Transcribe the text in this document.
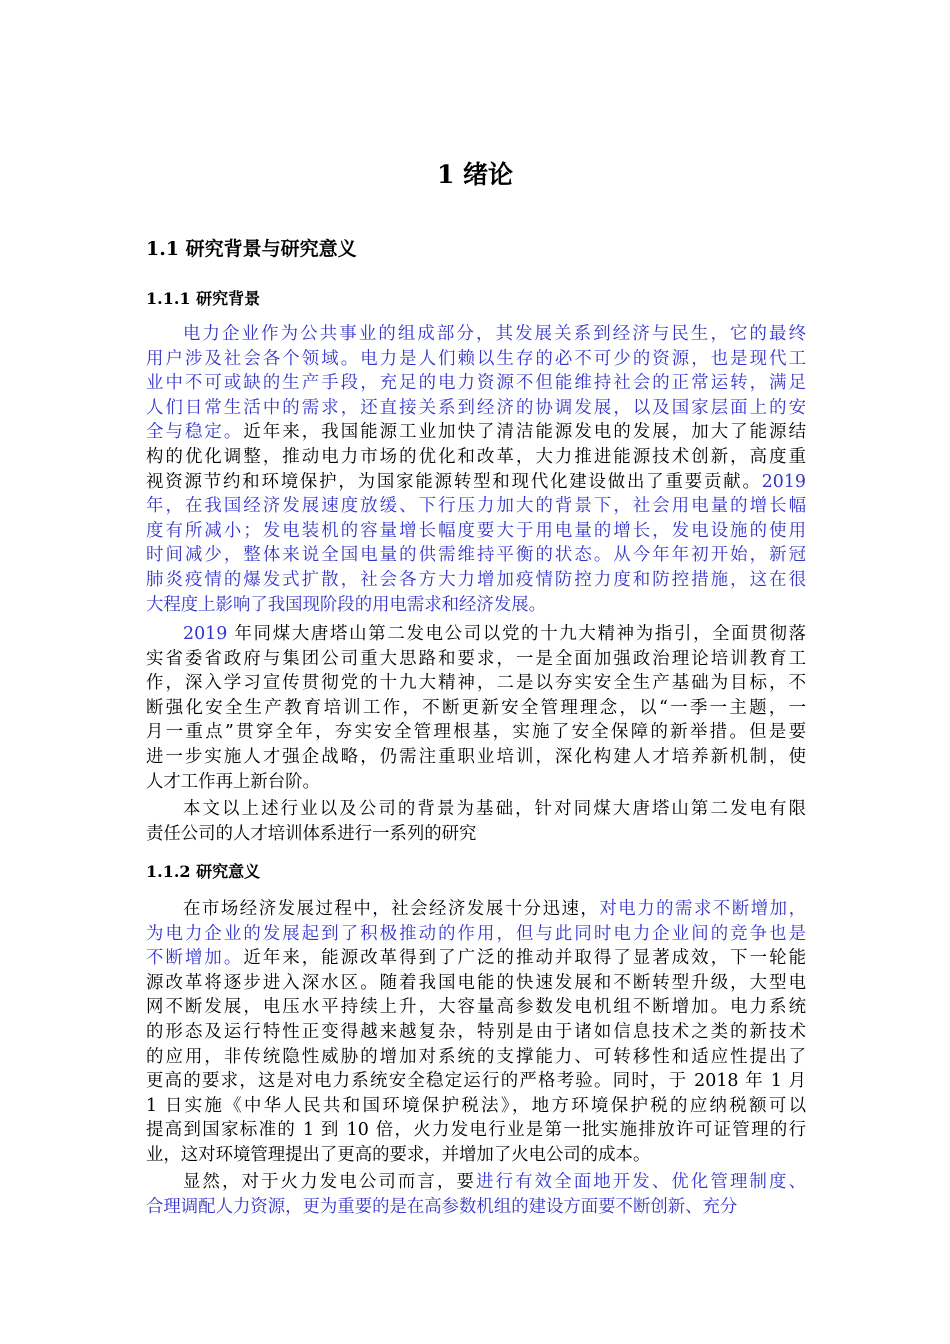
1 绪论
1.1 研究背景与研究意义
1.1.1 研究背景
电力企业作为公共事业的组成部分，其发展关系到经济与民生，它的最终
用户涉及社会各个领域。电力是人们赖以生存的必不可少的资源，也是现代工
业中不可或缺的生产手段，充足的电力资源不但能维持社会的正常运转，满足
人们日常生活中的需求，还直接关系到经济的协调发展，以及国家层面上的安
全与稳定。近年来，我国能源工业加快了清洁能源发电的发展，加大了能源结
构的优化调整，推动电力市场的优化和改革，大力推进能源技术创新，高度重
视资源节约和环境保护，为国家能源转型和现代化建设做出了重要贡献。2019
年，在我国经济发展速度放缓、下行压力加大的背景下，社会用电量的增长幅
度有所减小；发电装机的容量增长幅度要大于用电量的增长，发电设施的使用
时间减少，整体来说全国电量的供需维持平衡的状态。从今年年初开始，新冠
肺炎疫情的爆发式扩散，社会各方大力增加疫情防控力度和防控措施，这在很
大程度上影响了我国现阶段的用电需求和经济发展。
2019 年同煤大唐塔山第二发电公司以党的十九大精神为指引，全面贯彻落
实省委省政府与集团公司重大思路和要求，一是全面加强政治理论培训教育工
作，深入学习宣传贯彻党的十九大精神，二是以夯实安全生产基础为目标，不
断强化安全生产教育培训工作，不断更新安全管理理念，以“一季一主题，一
月一重点”贯穿全年，夯实安全管理根基，实施了安全保障的新举措。但是要
进一步实施人才强企战略，仍需注重职业培训，深化构建人才培养新机制，使
人才工作再上新台阶。
本文以上述行业以及公司的背景为基础，针对同煤大唐塔山第二发电有限
责任公司的人才培训体系进行一系列的研究
1.1.2 研究意义
在市场经济发展过程中，社会经济发展十分迅速，对电力的需求不断增加，
为电力企业的发展起到了积极推动的作用，但与此同时电力企业间的竞争也是
不断增加。近年来，能源改革得到了广泛的推动并取得了显著成效，下一轮能
源改革将逐步进入深水区。随着我国电能的快速发展和不断转型升级，大型电
网不断发展，电压水平持续上升，大容量高参数发电机组不断增加。电力系统
的形态及运行特性正变得越来越复杂，特别是由于诸如信息技术之类的新技术
的应用，非传统隐性威胁的增加对系统的支撑能力、可转移性和适应性提出了
更高的要求，这是对电力系统安全稳定运行的严格考验。同时，于 2018 年 1 月
1 日实施《中华人民共和国环境保护税法》，地方环境保护税的应纳税额可以
提高到国家标准的 1 到 10 倍，火力发电行业是第一批实施排放许可证管理的行
业，这对环境管理提出了更高的要求，并增加了火电公司的成本。
显然，对于火力发电公司而言，要进行有效全面地开发、优化管理制度、
合理调配人力资源，更为重要的是在高参数机组的建设方面要不断创新、充分
